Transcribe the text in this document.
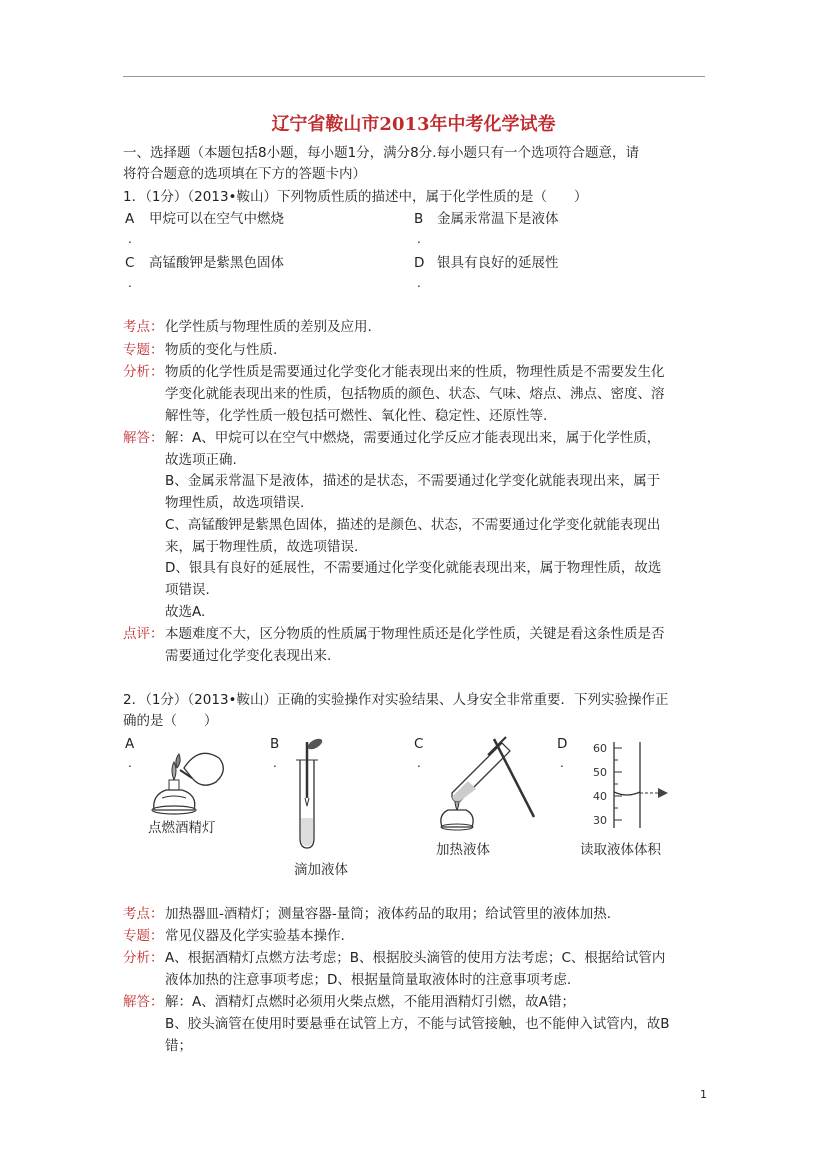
辽宁省鞍山市2013年中考化学试卷
一、选择题（本题包括8小题，每小题1分，满分8分.每小题只有一个选项符合题意，请
将符合题意的选项填在下方的答题卡内）
1．（1分）（2013•鞍山）下列物质性质的描述中，属于化学性质的是（　　）
A
.
甲烷可以在空气中燃烧	B
.
金属汞常温下是液体
C
.
高锰酸钾是紫黑色固体	D
.
银具有良好的延展性
考点： 化学性质与物理性质的差别及应用.
专题： 物质的变化与性质.
分析： 物质的化学性质是需要通过化学变化才能表现出来的性质，物理性质是不需要发生化
学变化就能表现出来的性质，包括物质的颜色、状态、气味、熔点、沸点、密度、溶
解性等，化学性质一般包括可燃性、氧化性、稳定性、还原性等.
解答： 解：A、甲烷可以在空气中燃烧，需要通过化学反应才能表现出来，属于化学性质，
故选项正确.
B、金属汞常温下是液体，描述的是状态，不需要通过化学变化就能表现出来，属于
物理性质，故选项错误.
C、高锰酸钾是紫黑色固体，描述的是颜色、状态，不需要通过化学变化就能表现出
来，属于物理性质，故选项错误.
D、银具有良好的延展性，不需要通过化学变化就能表现出来，属于物理性质，故选
项错误.
故选A.
点评： 本题难度不大，区分物质的性质属于物理性质还是化学性质，关键是看这条性质是否
需要通过化学变化表现出来.
2．（1分）（2013•鞍山）正确的实验操作对实验结果、人身安全非常重要．下列实验操作正
确的是（　　）
A
.
B
.
C
.
D
.
点燃酒精灯
滴加液体
加热液体
60
50
40
30
读取液体体积
考点： 加热器皿-酒精灯；测量容器-量筒；液体药品的取用；给试管里的液体加热.
专题： 常见仪器及化学实验基本操作.
分析： A、根据酒精灯点燃方法考虑；B、根据胶头滴管的使用方法考虑；C、根据给试管内
液体加热的注意事项考虑；D、根据量筒量取液体时的注意事项考虑.
解答： 解：A、酒精灯点燃时必须用火柴点燃，不能用酒精灯引燃，故A错；
B、胶头滴管在使用时要悬垂在试管上方，不能与试管接触，也不能伸入试管内，故B
错；
1
